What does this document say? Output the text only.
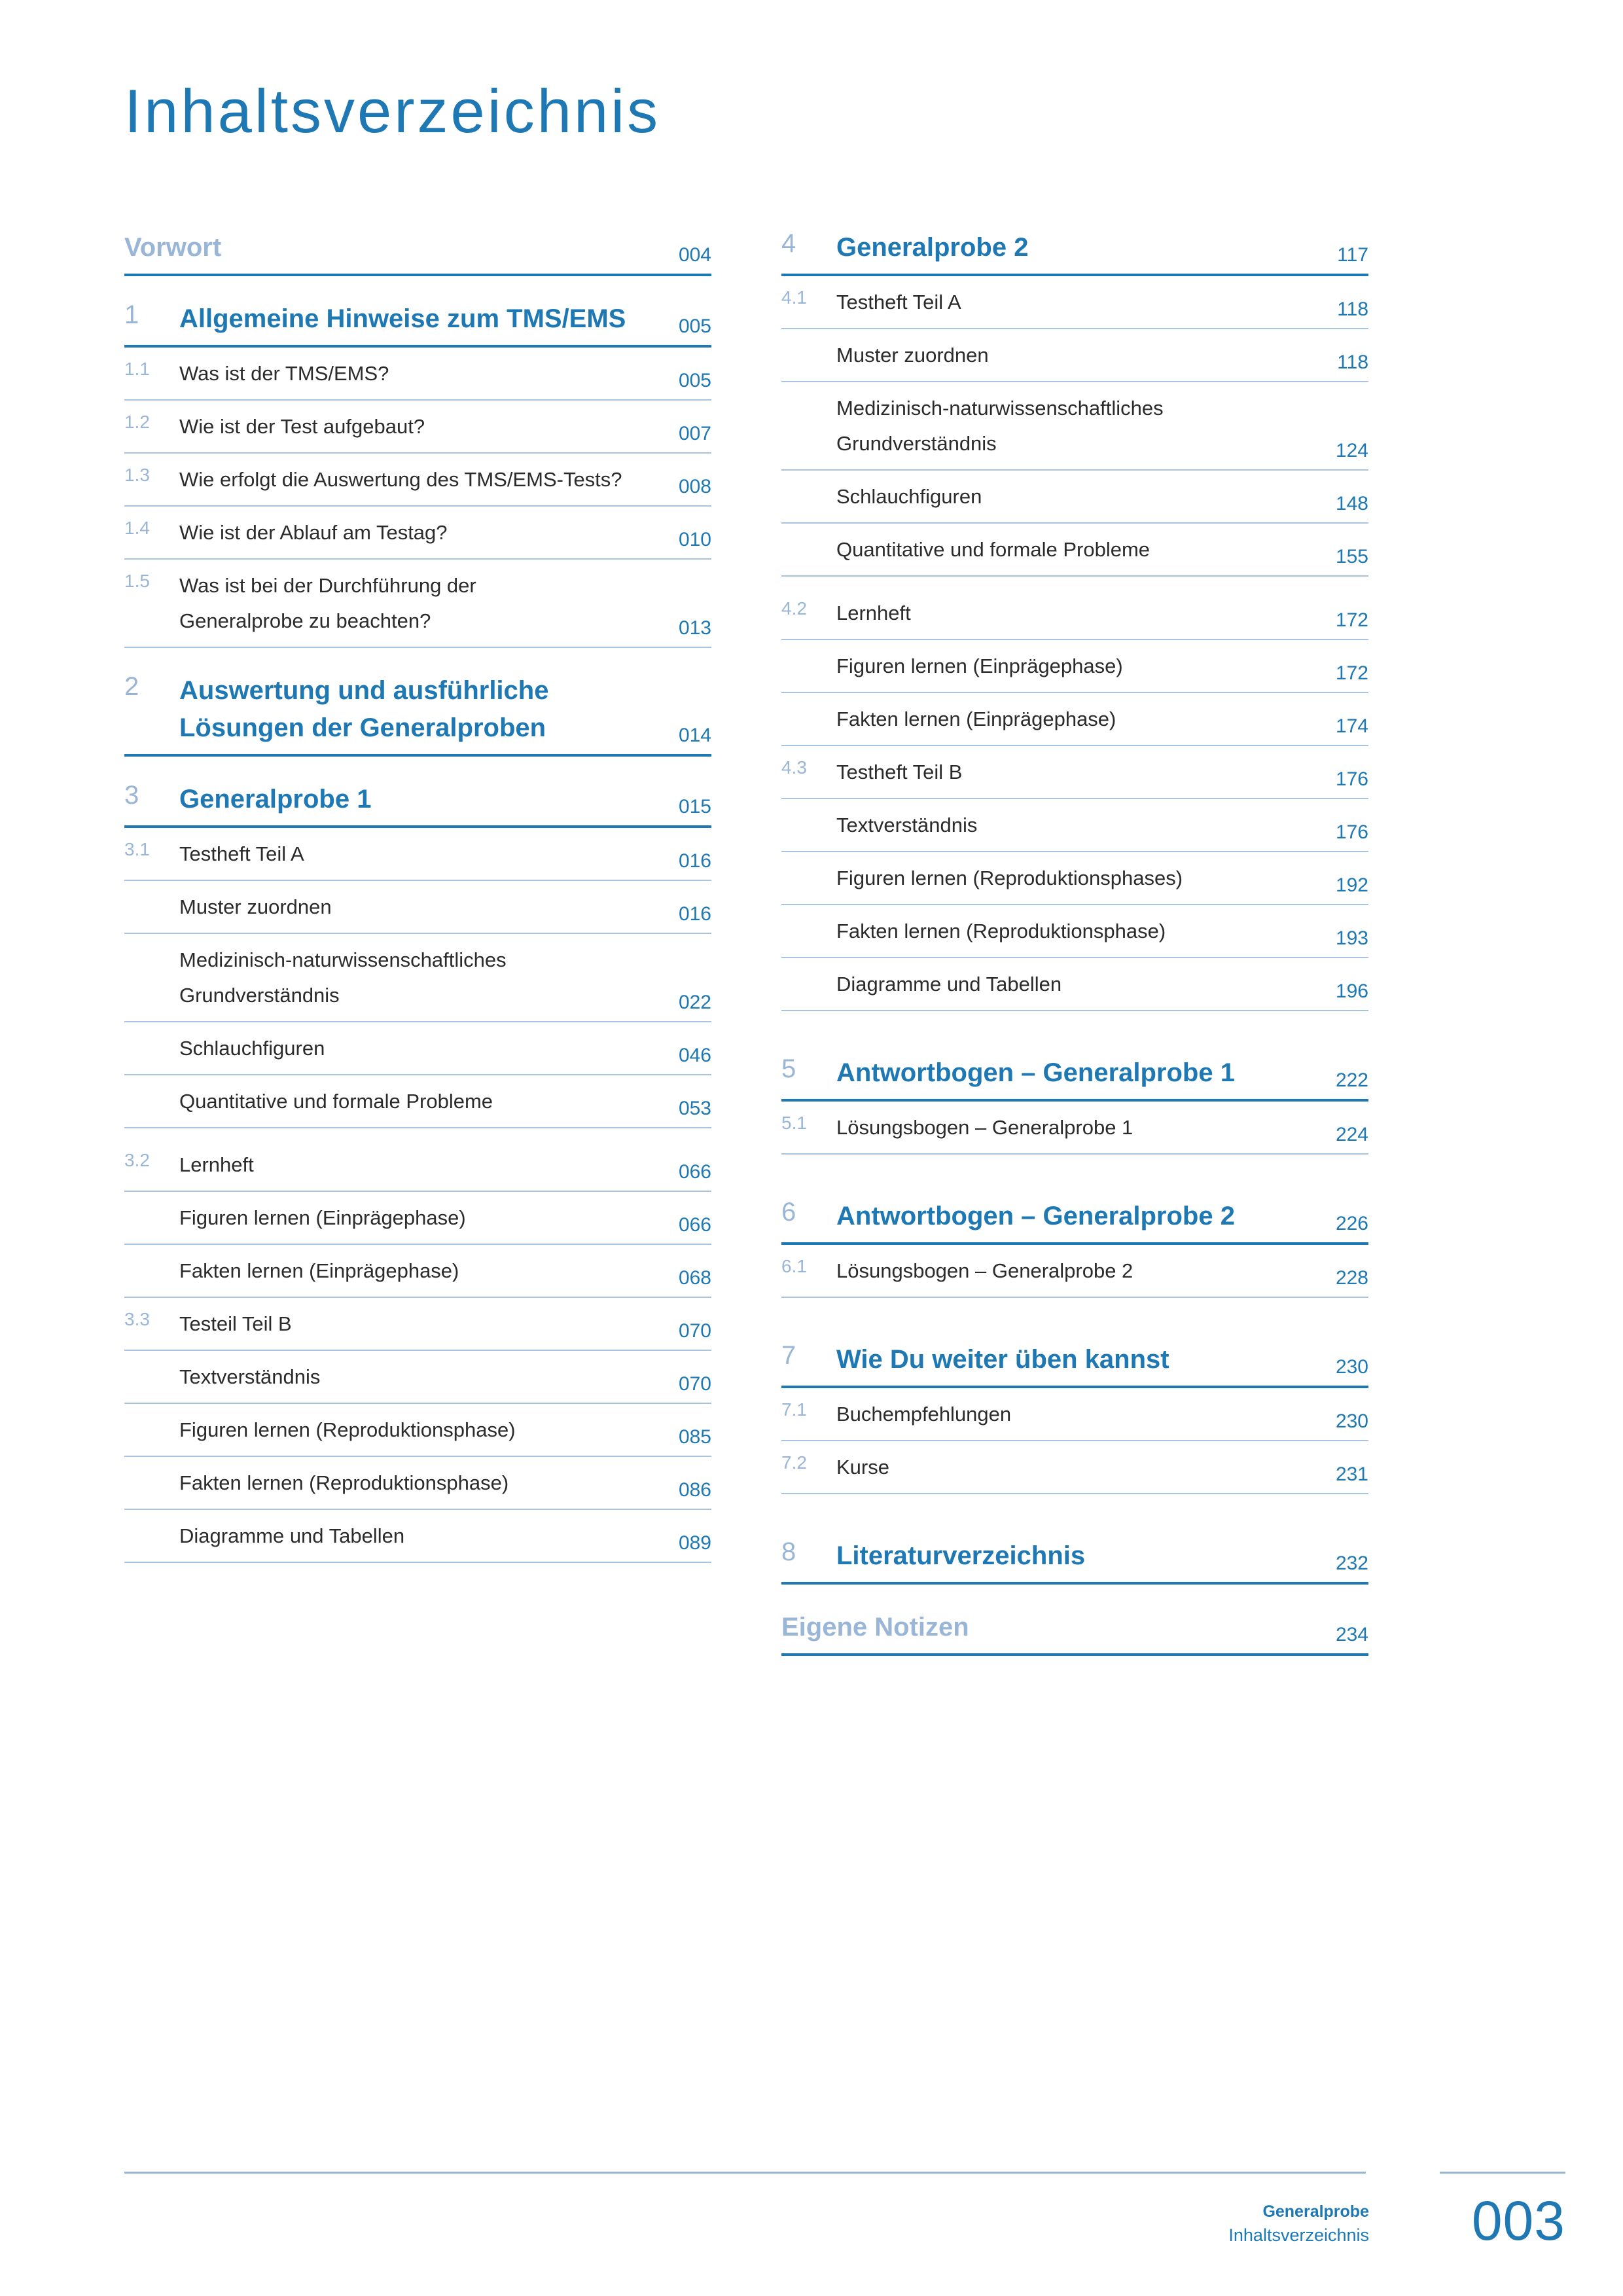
Inhaltsverzeichnis
Vorwort	004
1 Allgemeine Hinweise zum TMS/EMS	005
1.1 Was ist der TMS/EMS?	005
1.2 Wie ist der Test aufgebaut?	007
1.3 Wie erfolgt die Auswertung des TMS/EMS-Tests?	008
1.4 Wie ist der Ablauf am Testag?	010
1.5 Was ist bei der Durchführung der
Generalprobe zu beachten?	013
2 Auswertung und ausführliche
Lösungen der Generalproben	014
3 Generalprobe 1	015
3.1 Testheft Teil A	016
Muster zuordnen	016
Medizinisch-naturwissenschaftliches
Grundverständnis	022
Schlauchfiguren	046
Quantitative und formale Probleme	053
3.2 Lernheft	066
Figuren lernen (Einprägephase)	066
Fakten lernen (Einprägephase)	068
3.3 Testeil Teil B	070
Textverständnis	070
Figuren lernen (Reproduktionsphase)	085
Fakten lernen (Reproduktionsphase)	086
Diagramme und Tabellen	089
4 Generalprobe 2	117
4.1 Testheft Teil A	118
Muster zuordnen	118
Medizinisch-naturwissenschaftliches
Grundverständnis	124
Schlauchfiguren	148
Quantitative und formale Probleme	155
4.2 Lernheft	172
Figuren lernen (Einprägephase)	172
Fakten lernen (Einprägephase)	174
4.3 Testheft Teil B	176
Textverständnis	176
Figuren lernen (Reproduktionsphases)	192
Fakten lernen (Reproduktionsphase)	193
Diagramme und Tabellen	196
5 Antwortbogen – Generalprobe 1	222
5.1 Lösungsbogen – Generalprobe 1	224
6 Antwortbogen – Generalprobe 2	226
6.1 Lösungsbogen – Generalprobe 2	228
7 Wie Du weiter üben kannst	230
7.1 Buchempfehlungen	230
7.2 Kurse	231
8 Literaturverzeichnis	232
Eigene Notizen	234
Generalprobe
Inhaltsverzeichnis 003
